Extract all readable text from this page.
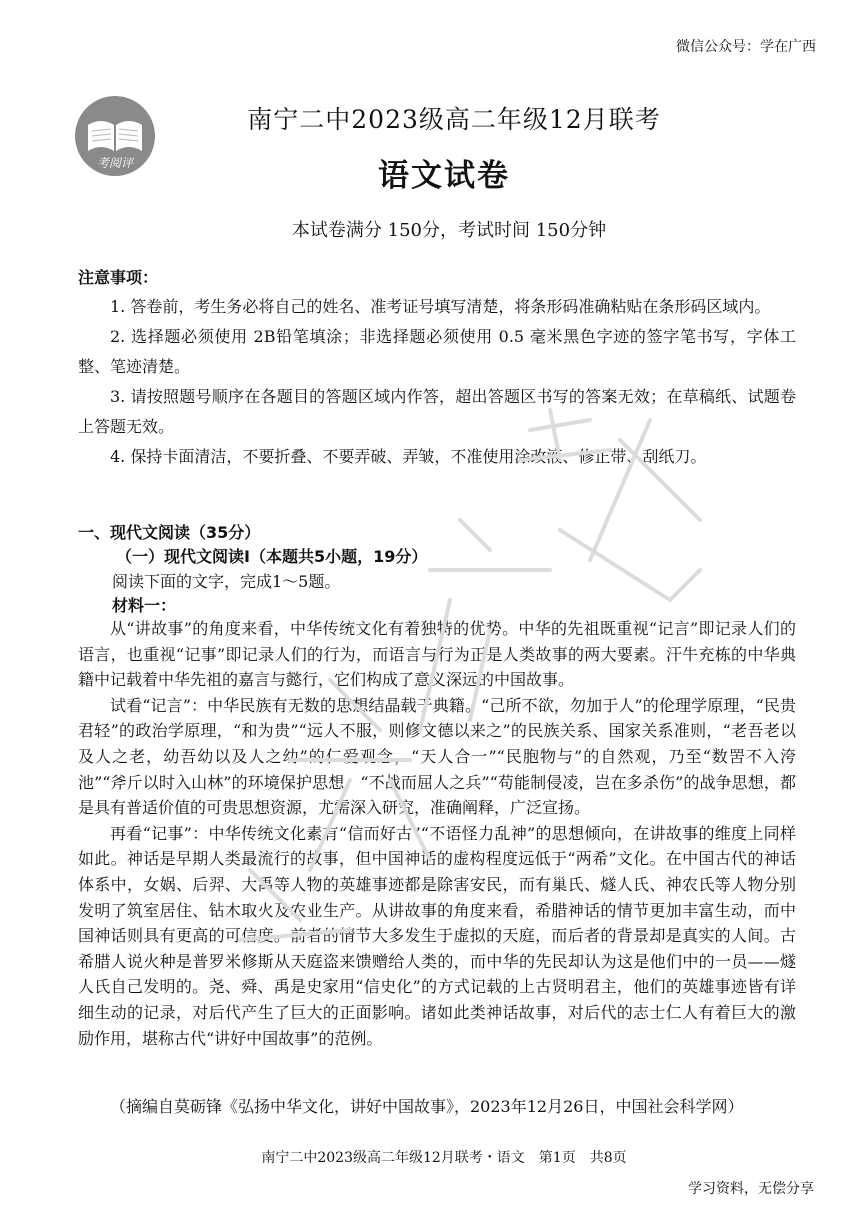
微信公众号：学在广西
考阅评
南宁二中2023级高二年级12月联考
语文试卷
本试卷满分 150分，考试时间 150分钟
注意事项：

1. 答卷前，考生务必将自己的姓名、准考证号填写清楚，将条形码准确粘贴在条形码区域内。

2. 选择题必须使用 2B铅笔填涂；非选择题必须使用 0.5 毫米黑色字迹的签字笔书写，字体工整、笔迹清楚。

3. 请按照题号顺序在各题目的答题区域内作答，超出答题区书写的答案无效；在草稿纸、试题卷上答题无效。

4. 保持卡面清洁，不要折叠、不要弄破、弄皱，不准使用涂改液、修正带、刮纸刀。

一、现代文阅读（35分）
（一）现代文阅读Ⅰ（本题共5小题，19分）
阅读下面的文字，完成1～5题。
材料一：

从“讲故事”的角度来看，中华传统文化有着独特的优势。中华的先祖既重视“记言”即记录人们的语言，也重视“记事”即记录人们的行为，而语言与行为正是人类故事的两大要素。汗牛充栋的中华典籍中记载着中华先祖的嘉言与懿行，它们构成了意义深远的中国故事。

试看“记言”：中华民族有无数的思想结晶载于典籍。“己所不欲，勿加于人”的伦理学原理，“民贵君轻”的政治学原理，“和为贵”“远人不服，则修文德以来之”的民族关系、国家关系准则，“老吾老以及人之老，幼吾幼以及人之幼”的仁爱观念，“天人合一”“民胞物与”的自然观，乃至“数罟不入洿池”“斧斤以时入山林”的环境保护思想，“不战而屈人之兵”“苟能制侵凌，岂在多杀伤”的战争思想，都是具有普适价值的可贵思想资源，尤需深入研究，准确阐释，广泛宣扬。

再看“记事”：中华传统文化素有“信而好古”“不语怪力乱神”的思想倾向，在讲故事的维度上同样如此。神话是早期人类最流行的故事，但中国神话的虚构程度远低于“两希”文化。在中国古代的神话体系中，女娲、后羿、大禹等人物的英雄事迹都是除害安民，而有巢氏、燧人氏、神农氏等人物分别发明了筑室居住、钻木取火及农业生产。从讲故事的角度来看，希腊神话的情节更加丰富生动，而中国神话则具有更高的可信度。前者的情节大多发生于虚拟的天庭，而后者的背景却是真实的人间。古希腊人说火种是普罗米修斯从天庭盗来馈赠给人类的，而中华的先民却认为这是他们中的一员——燧人氏自己发明的。尧、舜、禹是史家用“信史化”的方式记载的上古贤明君主，他们的英雄事迹皆有详细生动的记录，对后代产生了巨大的正面影响。诸如此类神话故事，对后代的志士仁人有着巨大的激励作用，堪称古代“讲好中国故事”的范例。

（摘编自莫砺锋《弘扬中华文化，讲好中国故事》，2023年12月26日，中国社会科学网）
南宁二中2023级高二年级12月联考・语文　第1页　共8页
学习资料，无偿分享
